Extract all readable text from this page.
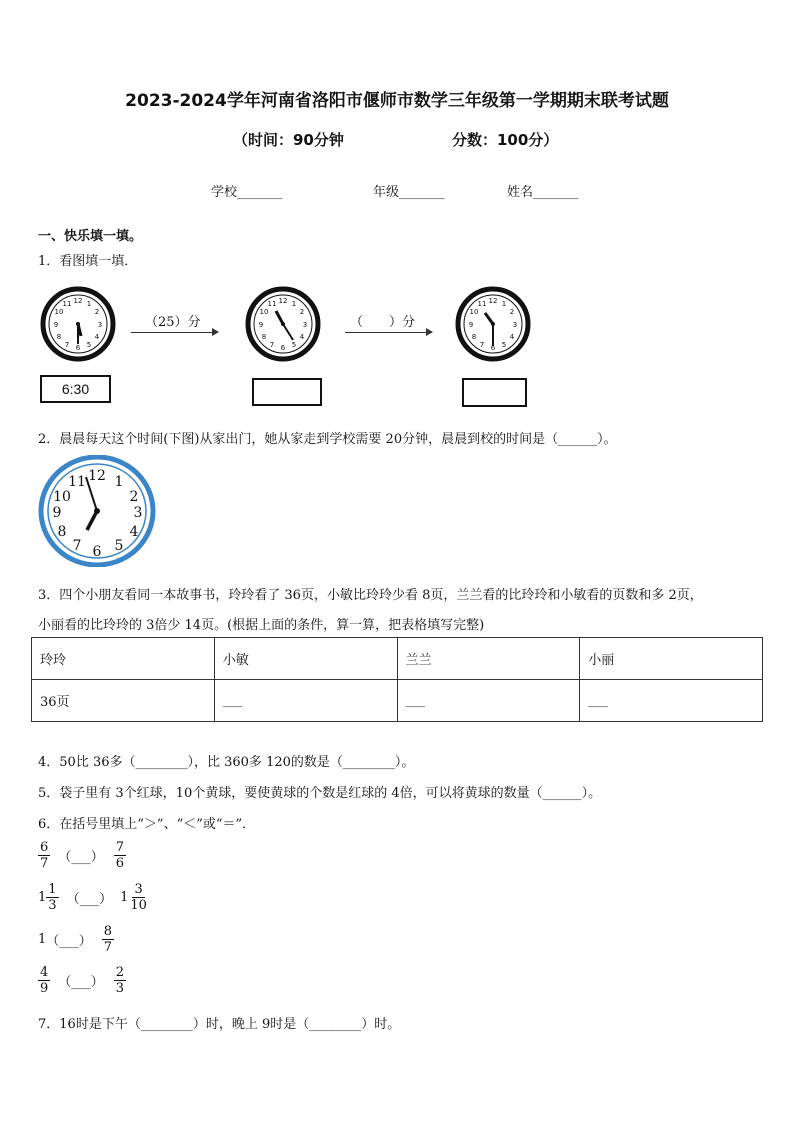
2023-2024学年河南省洛阳市偃师市数学三年级第一学期期末联考试题
（时间：90分钟	分数：100分）
学校_______	年级_______	姓名_______
一、快乐填一填。
1．看图填一填．
12 1
2
3
4
5
6
7
8
9
10
11
6:30
（25）分
12 1
2
3
4
5
6
7
8
9
10
11
（　　）分
12 1
2
3
4
5
6
7
8
9
10
11
2．晨晨每天这个时间(下图)从家出门，她从家走到学校需要 20分钟，晨晨到校的时间是（______）。
12 1
2
3
4
5
6
7
8
9
10
11
3．四个小朋友看同一本故事书，玲玲看了 36页，小敏比玲玲少看 8页，兰兰看的比玲玲和小敏看的页数和多 2页，
小丽看的比玲玲的 3倍少 14页。(根据上面的条件，算一算，把表格填写完整)
玲玲	小敏	兰兰	小丽
36页	___	___	___
4．50比 36多（________），比 360多 120的数是（________）。
5．袋子里有 3个红球，10个黄球，要使黄球的个数是红球的 4倍，可以将黄球的数量（______）。
6．在括号里填上“＞”、“＜”或“＝”．
$\frac{6}{7}$ （___） $\frac{7}{6}$
$1 \frac{1}{3}$ （___） $1 \frac{3}{10}$
1 （___） $\frac{8}{7}$
$\frac{4}{9}$ （___） $\frac{2}{3}$
7．16时是下午（________）时，晚上 9时是（________）时。
